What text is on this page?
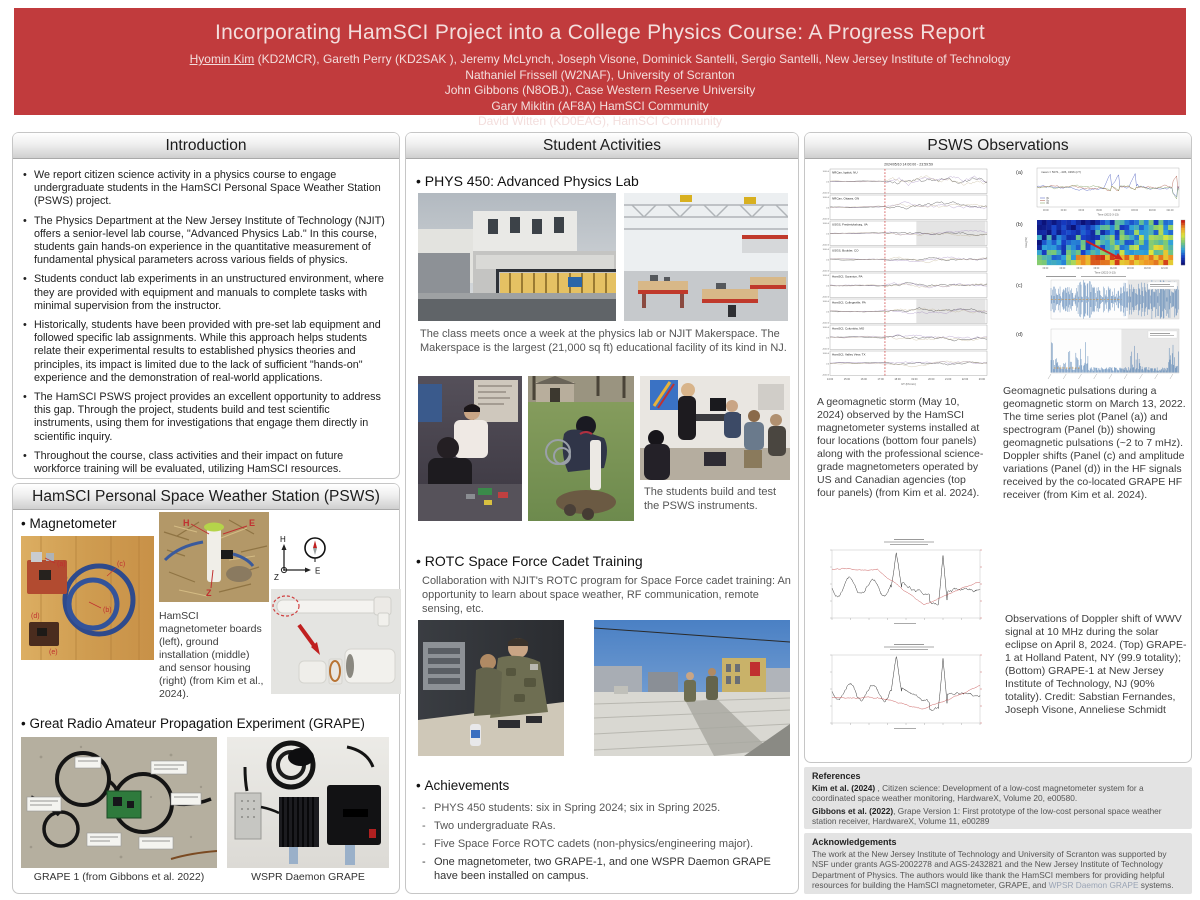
Incorporating HamSCI Project into a College Physics Course: A Progress Report
Hyomin Kim (KD2MCR), Gareth Perry (KD2SAK ), Jeremy McLynch, Joseph Visone, Dominick Santelli, Sergio Santelli, New Jersey Institute of Technology
Nathaniel Frissell (W2NAF), University of Scranton
John Gibbons (N8OBJ), Case Western Reserve University
Gary Mikitin (AF8A) HamSCI Community
David Witten (KD0EAG), HamSCI Community
Introduction
• We report citizen science activity in a physics course to engage undergraduate students in the HamSCI Personal Space Weather Station (PSWS) project.
• The Physics Department at the New Jersey Institute of Technology (NJIT) offers a senior-level lab course, "Advanced Physics Lab." In this course, students gain hands-on experience in the quantitative measurement of fundamental physical parameters across various fields of physics.
• Students conduct lab experiments in an unstructured environment, where they are provided with equipment and manuals to complete tasks with minimal supervision from the instructor.
• Historically, students have been provided with pre-set lab equipment and followed specific lab assignments. While this approach helps students relate their experimental results to established physics theories and principles, its impact is limited due to the lack of sufficient "hands-on" experience and the demonstration of real-world applications.
• The HamSCI PSWS project provides an excellent opportunity to address this gap. Through the project, students build and test scientific instruments, using them for investigations that engage them directly in scientific inquiry.
• Throughout the course, class activities and their impact on future workforce training will be evaluated, utilizing HamSCI resources.
HamSCI Personal Space Weather Station (PSWS)
• Magnetometer
(a)	(c)
(b)
(d)
(e)
H	E
Z
HamSCI magnetometer boards (left), ground installation (middle) and sensor housing (right) (from Kim et al., 2024).
H
E
Z
• Great Radio Amateur Propagation Experiment (GRAPE)
GRAPE 1 (from Gibbons et al. 2022)	WSPR Daemon GRAPE
Student Activities
• PHYS 450: Advanced Physics Lab
The class meets once a week at the physics lab or NJIT Makerspace. The Makerspace is the largest (21,000 sq ft) educational facility of its kind in NJ.
The students build and test the PSWS instruments.
• ROTC Space Force Cadet Training
Collaboration with NJIT's ROTC program for Space Force cadet training: An opportunity to learn about space weather, RF communication, remote sensing, etc.
• Achievements
- PHYS 450 students: six in Spring 2024; six in Spring 2025.
- Two undergraduate RAs.
- Five Space Force ROTC cadets (non-physics/engineering major).
- One magnetometer, two GRAPE-1, and one WSPR Daemon GRAPE have been installed on campus.
PSWS Observations
2024/05/10 14:00:00 - 23:59:59
NRCan, Iqaluit, NU
1000.0
0.0
-1000.0
NRCan, Ottawa, ON
1000.0
0.0
-1000.0
USGS, Fredericksburg, VA
1000.0
0.0
-1000.0
USGS, Boulder, CO
1000.0
0.0
-1000.0
HamSCI, Scranton, PA
1000.0
0.0
-1000.0
HamSCI, Collegeville, PA
1000.0
0.0
-1000.0
HamSCI, Columbia, MO
1000.0
0.0
-1000.0
HamSCI, Valley View, TX
1000.0
0.0
-1000.0
14:00 15:00 16:00 17:00 18:00 19:00 20:00 21:00 22:00 23:00
UT (hh:mm)
(a)	mean = 5071, -436, 4396 (nT)
Bx
By
Bz
00:00	03:00	06:00	09:00	012:00 015:00 018:00 021:00
Time (2022-3-13)
(b)
Freq (Hz)
00:00	03:00	06:00	09:00 012:00 015:00 018:00 021:00
Time (2022-3-13)
(c)
(d)
A geomagnetic storm (May 10, 2024) observed by the HamSCI magnetometer systems installed at four locations (bottom four panels) along with the professional science-grade magnetometers operated by US and Canadian agencies (top four panels) (from Kim et al. 2024).
Geomagnetic pulsations during a geomagnetic storm on March 13, 2022. The time series plot (Panel (a)) and spectrogram (Panel (b)) showing geomagnetic pulsations (~2 to 7 mHz). Doppler shifts (Panel (c) and amplitude variations (Panel (d)) in the HF signals received by the co-located GRAPE HF receiver (from Kim et al. 2024).
Observations of Doppler shift of WWV signal at 10 MHz during the solar eclipse on April 8, 2024. (Top) GRAPE-1 at Holland Patent, NY (99.9 totality); (Bottom) GRAPE-1 at New Jersey Institute of Technology, NJ (90% totality). Credit: Sabstian Fernandes, Joseph Visone, Anneliese Schmidt
References

Kim et al. (2024) , Citizen science: Development of a low-cost magnetometer system for a coordinated space weather monitoring, HardwareX, Volume 20, e00580.

Gibbons et al. (2022), Grape Version 1: First prototype of the low-cost personal space weather station receiver, HardwareX, Volume 11, e00289

Acknowledgements

The work at the New Jersey Institute of Technology and University of Scranton was supported by NSF under grants AGS-2002278 and AGS-2432821 and the New Jersey Institute of Technology Department of Physics. The authors would like thank the HamSCI members for providing helpful resources for building the HamSCI magnetometer, GRAPE, and WPSR Daemon GRAPE systems.
